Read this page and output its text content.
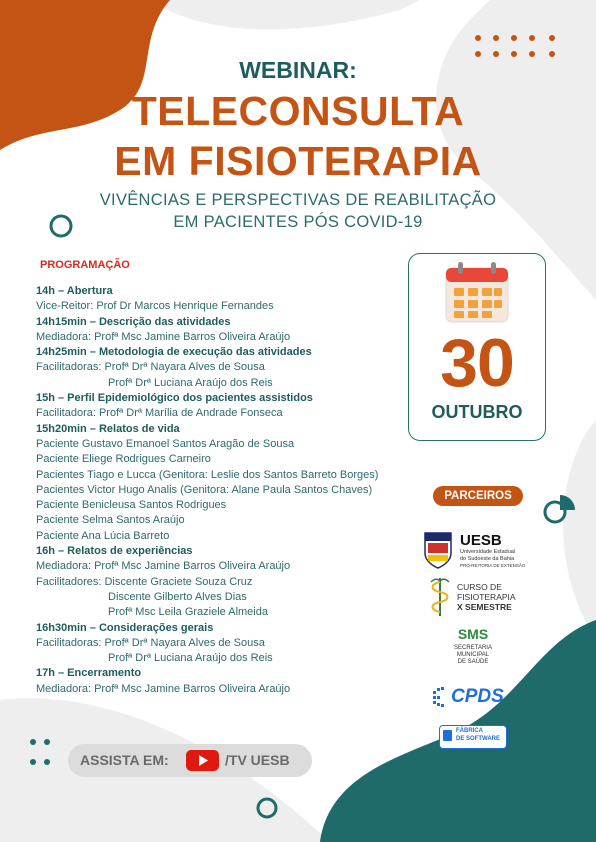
WEBINAR:
TELECONSULTA
EM FISIOTERAPIA
VIVÊNCIAS E PERSPECTIVAS DE REABILITAÇÃO
EM PACIENTES PÓS COVID-19
PROGRAMAÇÃO
14h – Abertura
Vice-Reitor: Prof Dr Marcos Henrique Fernandes
14h15min – Descrição das atividades
Mediadora: Profª Msc Jamine Barros Oliveira Araújo
14h25min – Metodologia de execução das atividades
Facilitadoras: Profª Drª Nayara Alves de Sousa
Profª Drª Luciana Araújo dos Reis
15h – Perfil Epidemiológico dos pacientes assistidos
Facilitadora: Profª Drª Marília de Andrade Fonseca
15h20min – Relatos de vida
Paciente Gustavo Emanoel Santos Aragão de Sousa
Paciente Eliege Rodrigues Carneiro
Pacientes Tiago e Lucca (Genitora: Leslie dos Santos Barreto Borges)
Pacientes Victor Hugo Analis (Genitora: Alane Paula Santos Chaves)
Paciente Benicleusa Santos Rodrigues
Paciente Selma Santos Araújo
Paciente Ana Lúcia Barreto
16h – Relatos de experiências
Mediadora: Profª Msc Jamine Barros Oliveira Araújo
Facilitadores: Discente Graciete Souza Cruz
Discente Gilberto Alves Dias
Profª Msc Leila Graziele Almeida
16h30min – Considerações gerais
Facilitadoras: Profª Drª Nayara Alves de Sousa
Profª Drª Luciana Araújo dos Reis
17h – Encerramento
Mediadora: Profª Msc Jamine Barros Oliveira Araújo
30
OUTUBRO
PARCEIROS
UESB
Universidade Estadual
do Sudoeste da Bahia
PRÓ-REITORIA DE EXTENSÃO
CURSO DE
FISIOTERAPIA
X SEMESTRE
SMS
SECRETARIA
MUNICIPAL
DE SAÚDE
CPDS
FÁBRICA
DE SOFTWARE
ASSISTA EM:	/TV UESB
